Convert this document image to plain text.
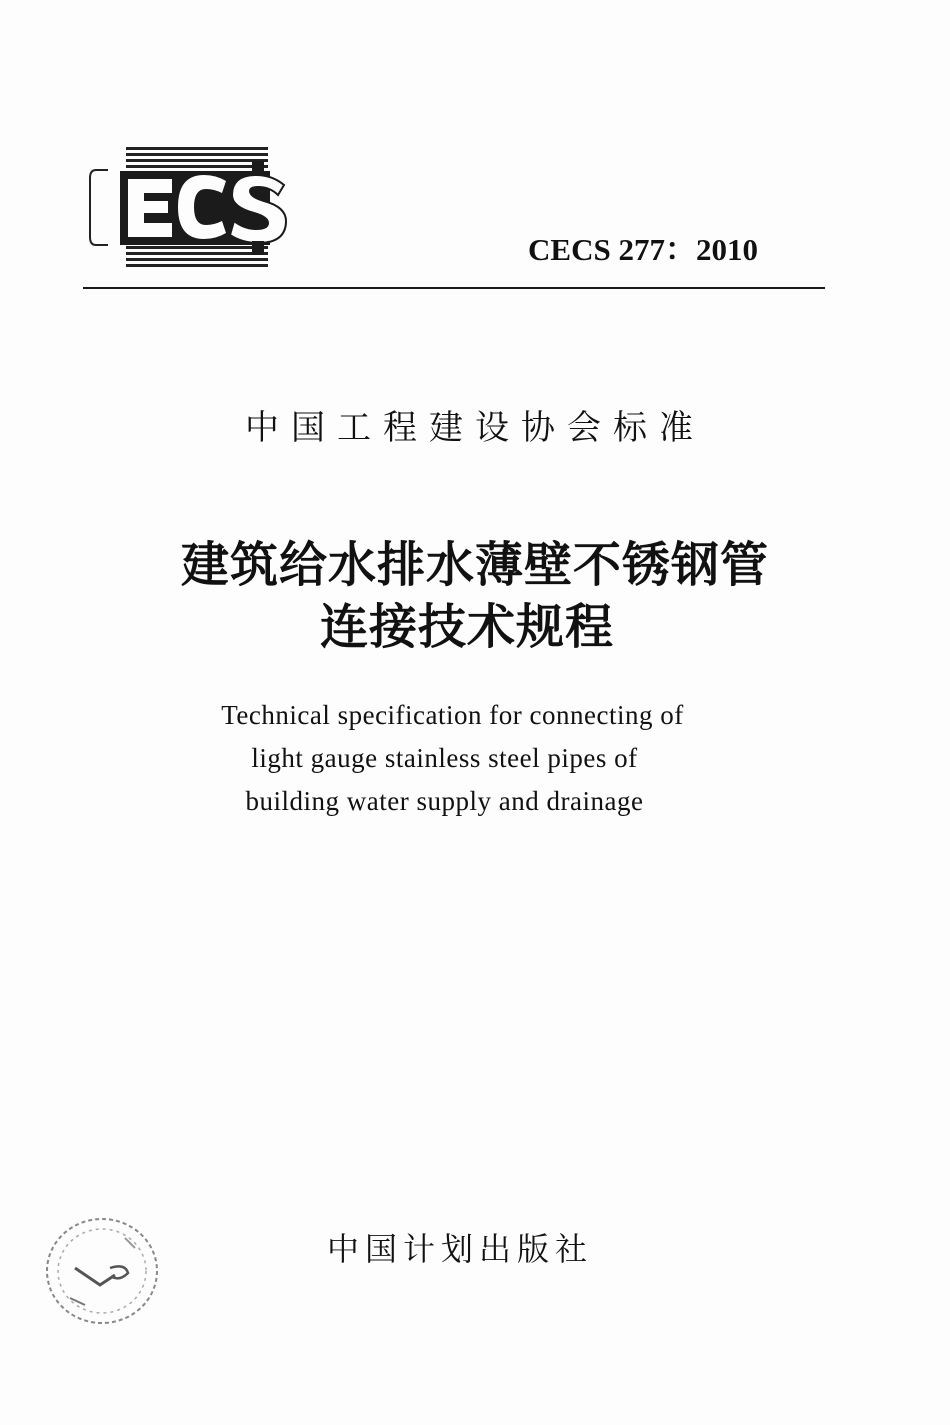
CECS 277：2010
中国工程建设协会标准
建筑给水排水薄壁不锈钢管
连接技术规程
Technical specification for connecting of
light gauge stainless steel pipes of
building water supply and drainage
中国计划出版社
